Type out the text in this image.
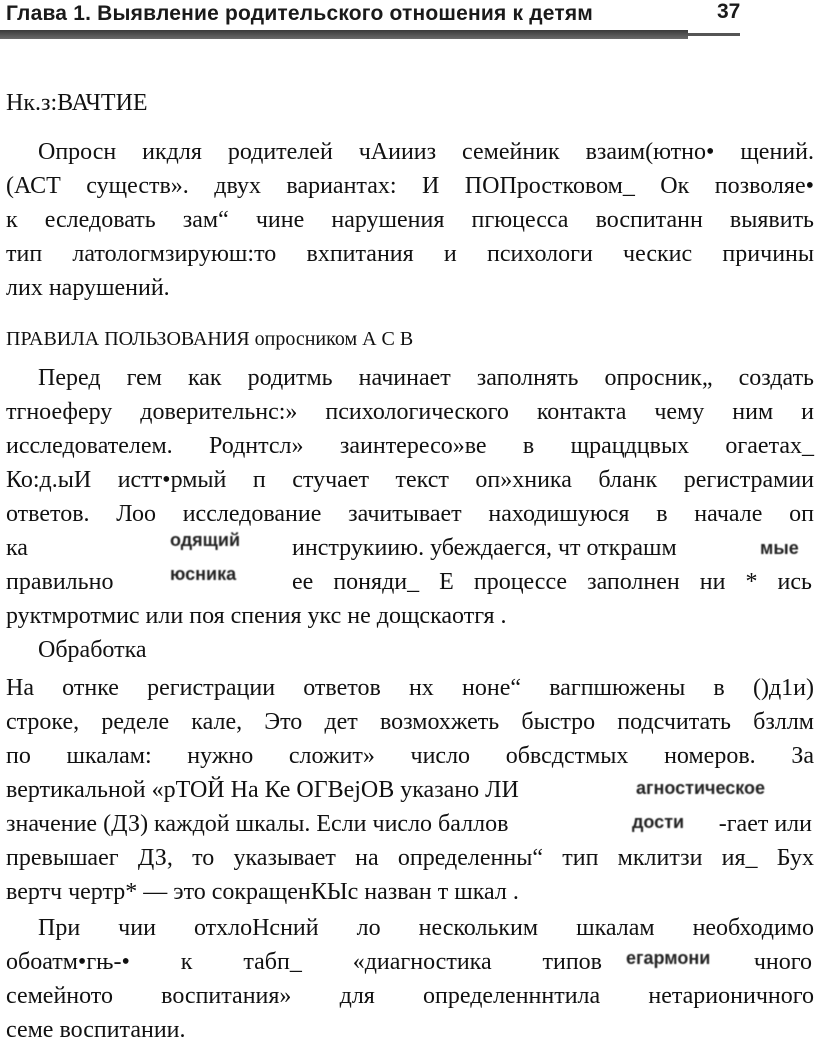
Глава 1. Выявление родительского отношения к детям	37
Нк.з:ВАЧТИЕ
Опросн икдля родителей чАиииз семейник взаим(ютно• щений.
(АСТ существ». двух вариантах: И ПОПростковом_ Ок позволяе•
к еследовать зам“ чине нарушения пгюцесса воспитанн выявить
тип латологмзируюш:то вхпитания и психологи ческис причины
лих нарушений.
ПРАВИЛА ПОЛЬЗОВАНИЯ опросником А С В
Перед гем как родитмь начинает заполнять опросник„ создать
тгноеферу доверительнс:» психологического контакта чему ним и
исследователем. Роднтсл» заинтересо»ве в щрацдцвых огаетах_
Ко:д.ыИ истт•рмый п стучает текст оп»хника бланк регистрамии
ответов. Лоо исследование зачитывает находишуюся в начале оп
ка	одящий инструкиию. убеждаегся, чт открашм	мые
правильно	юсника ее поняди_ Е процессе заполнен ни * ись
руктмротмис или поя спения укс не дощскаотгя .
Обработка
На отнке регистрации ответов нх ноне“ вагпшюжены в ()д1и)
строке, ределе кале, Это дет возмохжеть быстро подсчитать бзллм
по шкалам: нужно сложит» число обвсдстмых номеров. За
вертикальной «рТОЙ На Ке ОГВеjОВ указано ЛИ	агностическое
значение (ДЗ) каждой шкалы. Если число баллов	дости	-гает или
превышаег ДЗ, то указывает на определенны“ тип мклитзи ия_ Бух
вертч чертр* — это сокращенКЫс назван т шкал .
При чии отхлоНсний ло нескольким шкалам необходимо
обоатм•гњ-• к табп_ «диагностика типов егармони	чного
семейното воспитания» для определенннтила нетарионичного
семе воспитании.
